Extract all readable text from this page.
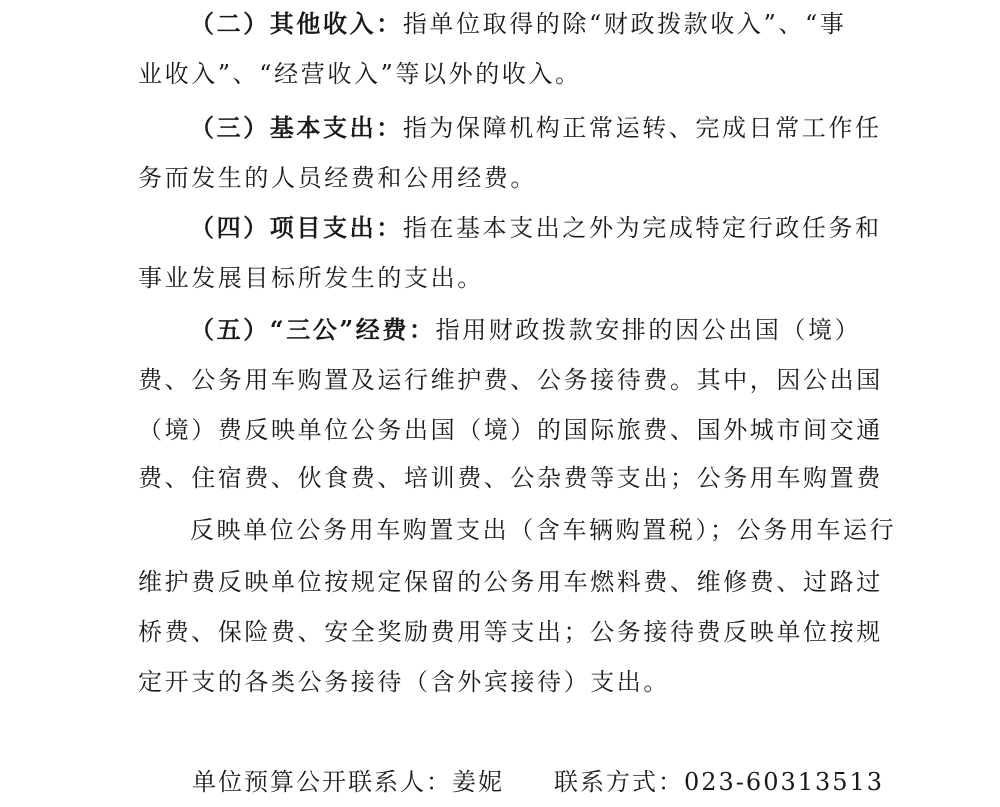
（二）其他收入：指单位取得的除“财政拨款收入”、“事
业收入”、“经营收入”等以外的收入。
（三）基本支出：指为保障机构正常运转、完成日常工作任
务而发生的人员经费和公用经费。
（四）项目支出：指在基本支出之外为完成特定行政任务和
事业发展目标所发生的支出。
（五）“三公”经费：指用财政拨款安排的因公出国（境）
费、公务用车购置及运行维护费、公务接待费。其中，因公出国
（境）费反映单位公务出国（境）的国际旅费、国外城市间交通
费、住宿费、伙食费、培训费、公杂费等支出；公务用车购置费
反映单位公务用车购置支出（含车辆购置税）；公务用车运行
维护费反映单位按规定保留的公务用车燃料费、维修费、过路过
桥费、保险费、安全奖励费用等支出；公务接待费反映单位按规
定开支的各类公务接待（含外宾接待）支出。
单位预算公开联系人：姜妮 联系方式：023-60313513
